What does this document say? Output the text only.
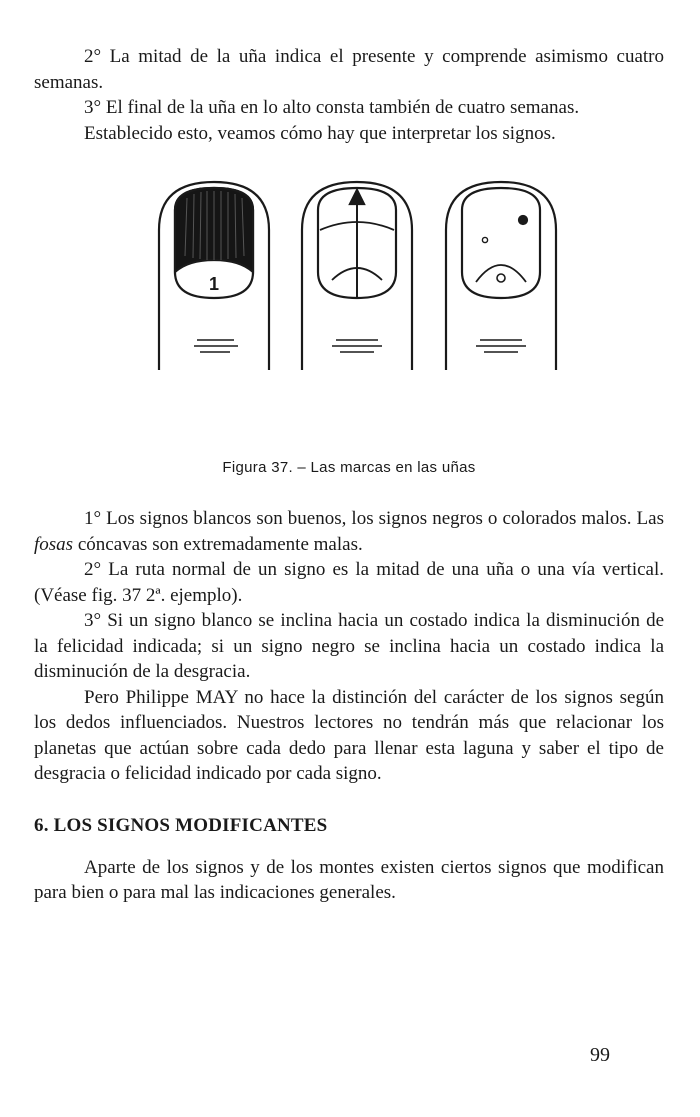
2° La mitad de la uña indica el presente y comprende asimismo cuatro semanas.

3° El final de la uña en lo alto consta también de cuatro semanas.

Establecido esto, veamos cómo hay que interpretar los signos.

1
Figura 37. – Las marcas en las uñas

1° Los signos blancos son buenos, los signos negros o colorados malos. Las fosas cóncavas son extremadamente malas.

2° La ruta normal de un signo es la mitad de una uña o una vía vertical. (Véase fig. 37 2ª. ejemplo).

3° Si un signo blanco se inclina hacia un costado indica la disminución de la felicidad indicada; si un signo negro se inclina hacia un costado indica la disminución de la desgracia.

Pero Philippe MAY no hace la distinción del carácter de los signos según los dedos influenciados. Nuestros lectores no tendrán más que relacionar los planetas que actúan sobre cada dedo para llenar esta laguna y saber el tipo de desgracia o felicidad indicado por cada signo.

6. LOS SIGNOS MODIFICANTES

Aparte de los signos y de los montes existen ciertos signos que modifican para bien o para mal las indicaciones generales.

99
